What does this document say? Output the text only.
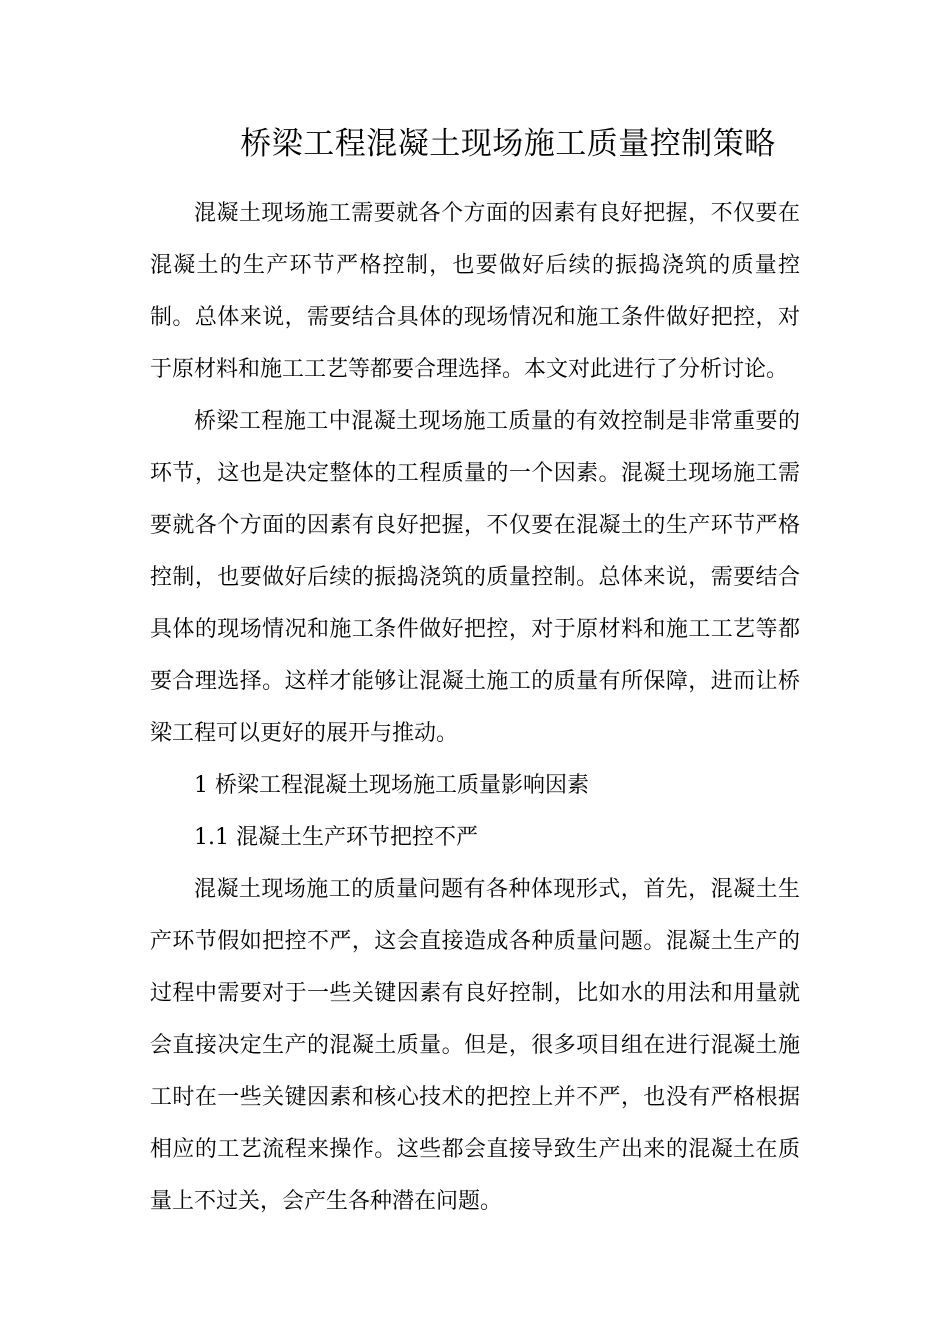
桥梁工程混凝土现场施工质量控制策略

混凝土现场施工需要就各个方面的因素有良好把握，不仅要在混凝土的生产环节严格控制，也要做好后续的振捣浇筑的质量控制。总体来说，需要结合具体的现场情况和施工条件做好把控，对于原材料和施工工艺等都要合理选择。本文对此进行了分析讨论。

桥梁工程施工中混凝土现场施工质量的有效控制是非常重要的环节，这也是决定整体的工程质量的一个因素。混凝土现场施工需要就各个方面的因素有良好把握，不仅要在混凝土的生产环节严格控制，也要做好后续的振捣浇筑的质量控制。总体来说，需要结合具体的现场情况和施工条件做好把控，对于原材料和施工工艺等都要合理选择。这样才能够让混凝土施工的质量有所保障，进而让桥梁工程可以更好的展开与推动。

1 桥梁工程混凝土现场施工质量影响因素

1.1 混凝土生产环节把控不严

混凝土现场施工的质量问题有各种体现形式，首先，混凝土生产环节假如把控不严，这会直接造成各种质量问题。混凝土生产的过程中需要对于一些关键因素有良好控制，比如水的用法和用量就会直接决定生产的混凝土质量。但是，很多项目组在进行混凝土施工时在一些关键因素和核心技术的把控上并不严，也没有严格根据相应的工艺流程来操作。这些都会直接导致生产出来的混凝土在质量上不过关，会产生各种潜在问题。
